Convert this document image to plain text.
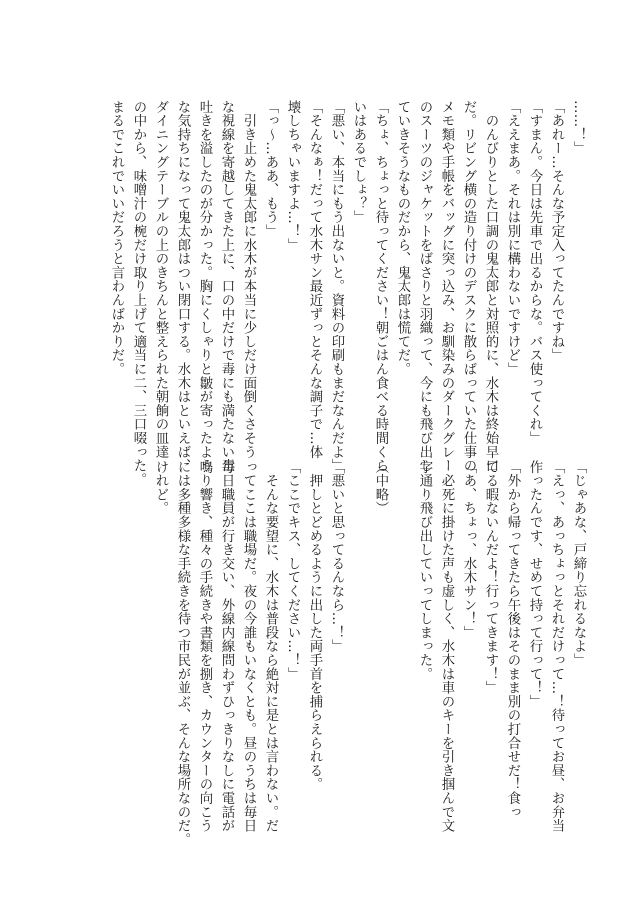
……！」
「あれー…そんな予定入ってたんですね」
「すまん。今日は先車で出るからな。バス使ってくれ」
「ええまあ。それは別に構わないですけど」
　のんびりとした口調の鬼太郎と対照的に、水木は終始早口
だ。リビング横の造り付けのデスクに散らばっていた仕事の
メモ類や手帳をバッグに突っ込み、お馴染みのダークグレー
のスーツのジャケットをばさりと羽織って、今にも飛び出し
ていきそうなものだから、鬼太郎は慌てだ。
「ちょ、ちょっと待ってください！朝ごはん食べる時間くら
いはあるでしょ？」
「悪い、本当にもう出ないと。資料の印刷もまだなんだよ」
「そんなぁ！だって水木サン最近ずっとそんな調子で…体
壊しちゃいますよ…！」
「っ～…ああ、もう」
　引き止めた鬼太郎に水木が本当に少しだけ面倒くさそう
な視線を寄越してきた上に、口の中だけで毒にも満たない毒
吐きを溢したのが分かった。胸にくしゃりと皺が寄ったよう
な気持ちになって鬼太郎はつい閉口する。水木はといえば、
ダイニングテーブルの上のきちんと整えられた朝餉の皿達
の中から、味噌汁の椀だけ取り上げて適当に二、三口啜った。
まるでこれでいいだろうと言わんばかりだ。
「じゃあな、戸締り忘れるなよ」
「えっ、あっちょっとそれだけって…！待ってお昼、お弁当
作ったんです、せめて持って行って！」
「外から帰ってきたら午後はそのまま別の打合せだ！食っ
てる暇ないんだよ！行ってきます！」
「あ、ちょっ、水木サン！」
　必死に掛けた声も虚しく、水木は車のキーを引き掴んで文
字通り飛び出していってしまった。
（中略）
「悪いと思ってるんなら…！」
　押しとどめるように出した両手首を捕らえられる。
「ここでキス、してください…！」
　そんな要望に、水木は普段なら絶対に是とは言わない。だ
ってここは職場だ。夜の今誰もいなくとも。昼のうちは毎日
毎日職員が行き交い、外線内線問わずひっきりなしに電話が
鳴り響き、種々の手続きや書類を捌き、カウンターの向こう
には多種多様な手続きを待つ市民が並ぶ、そんな場所なのだ。
けれど。
